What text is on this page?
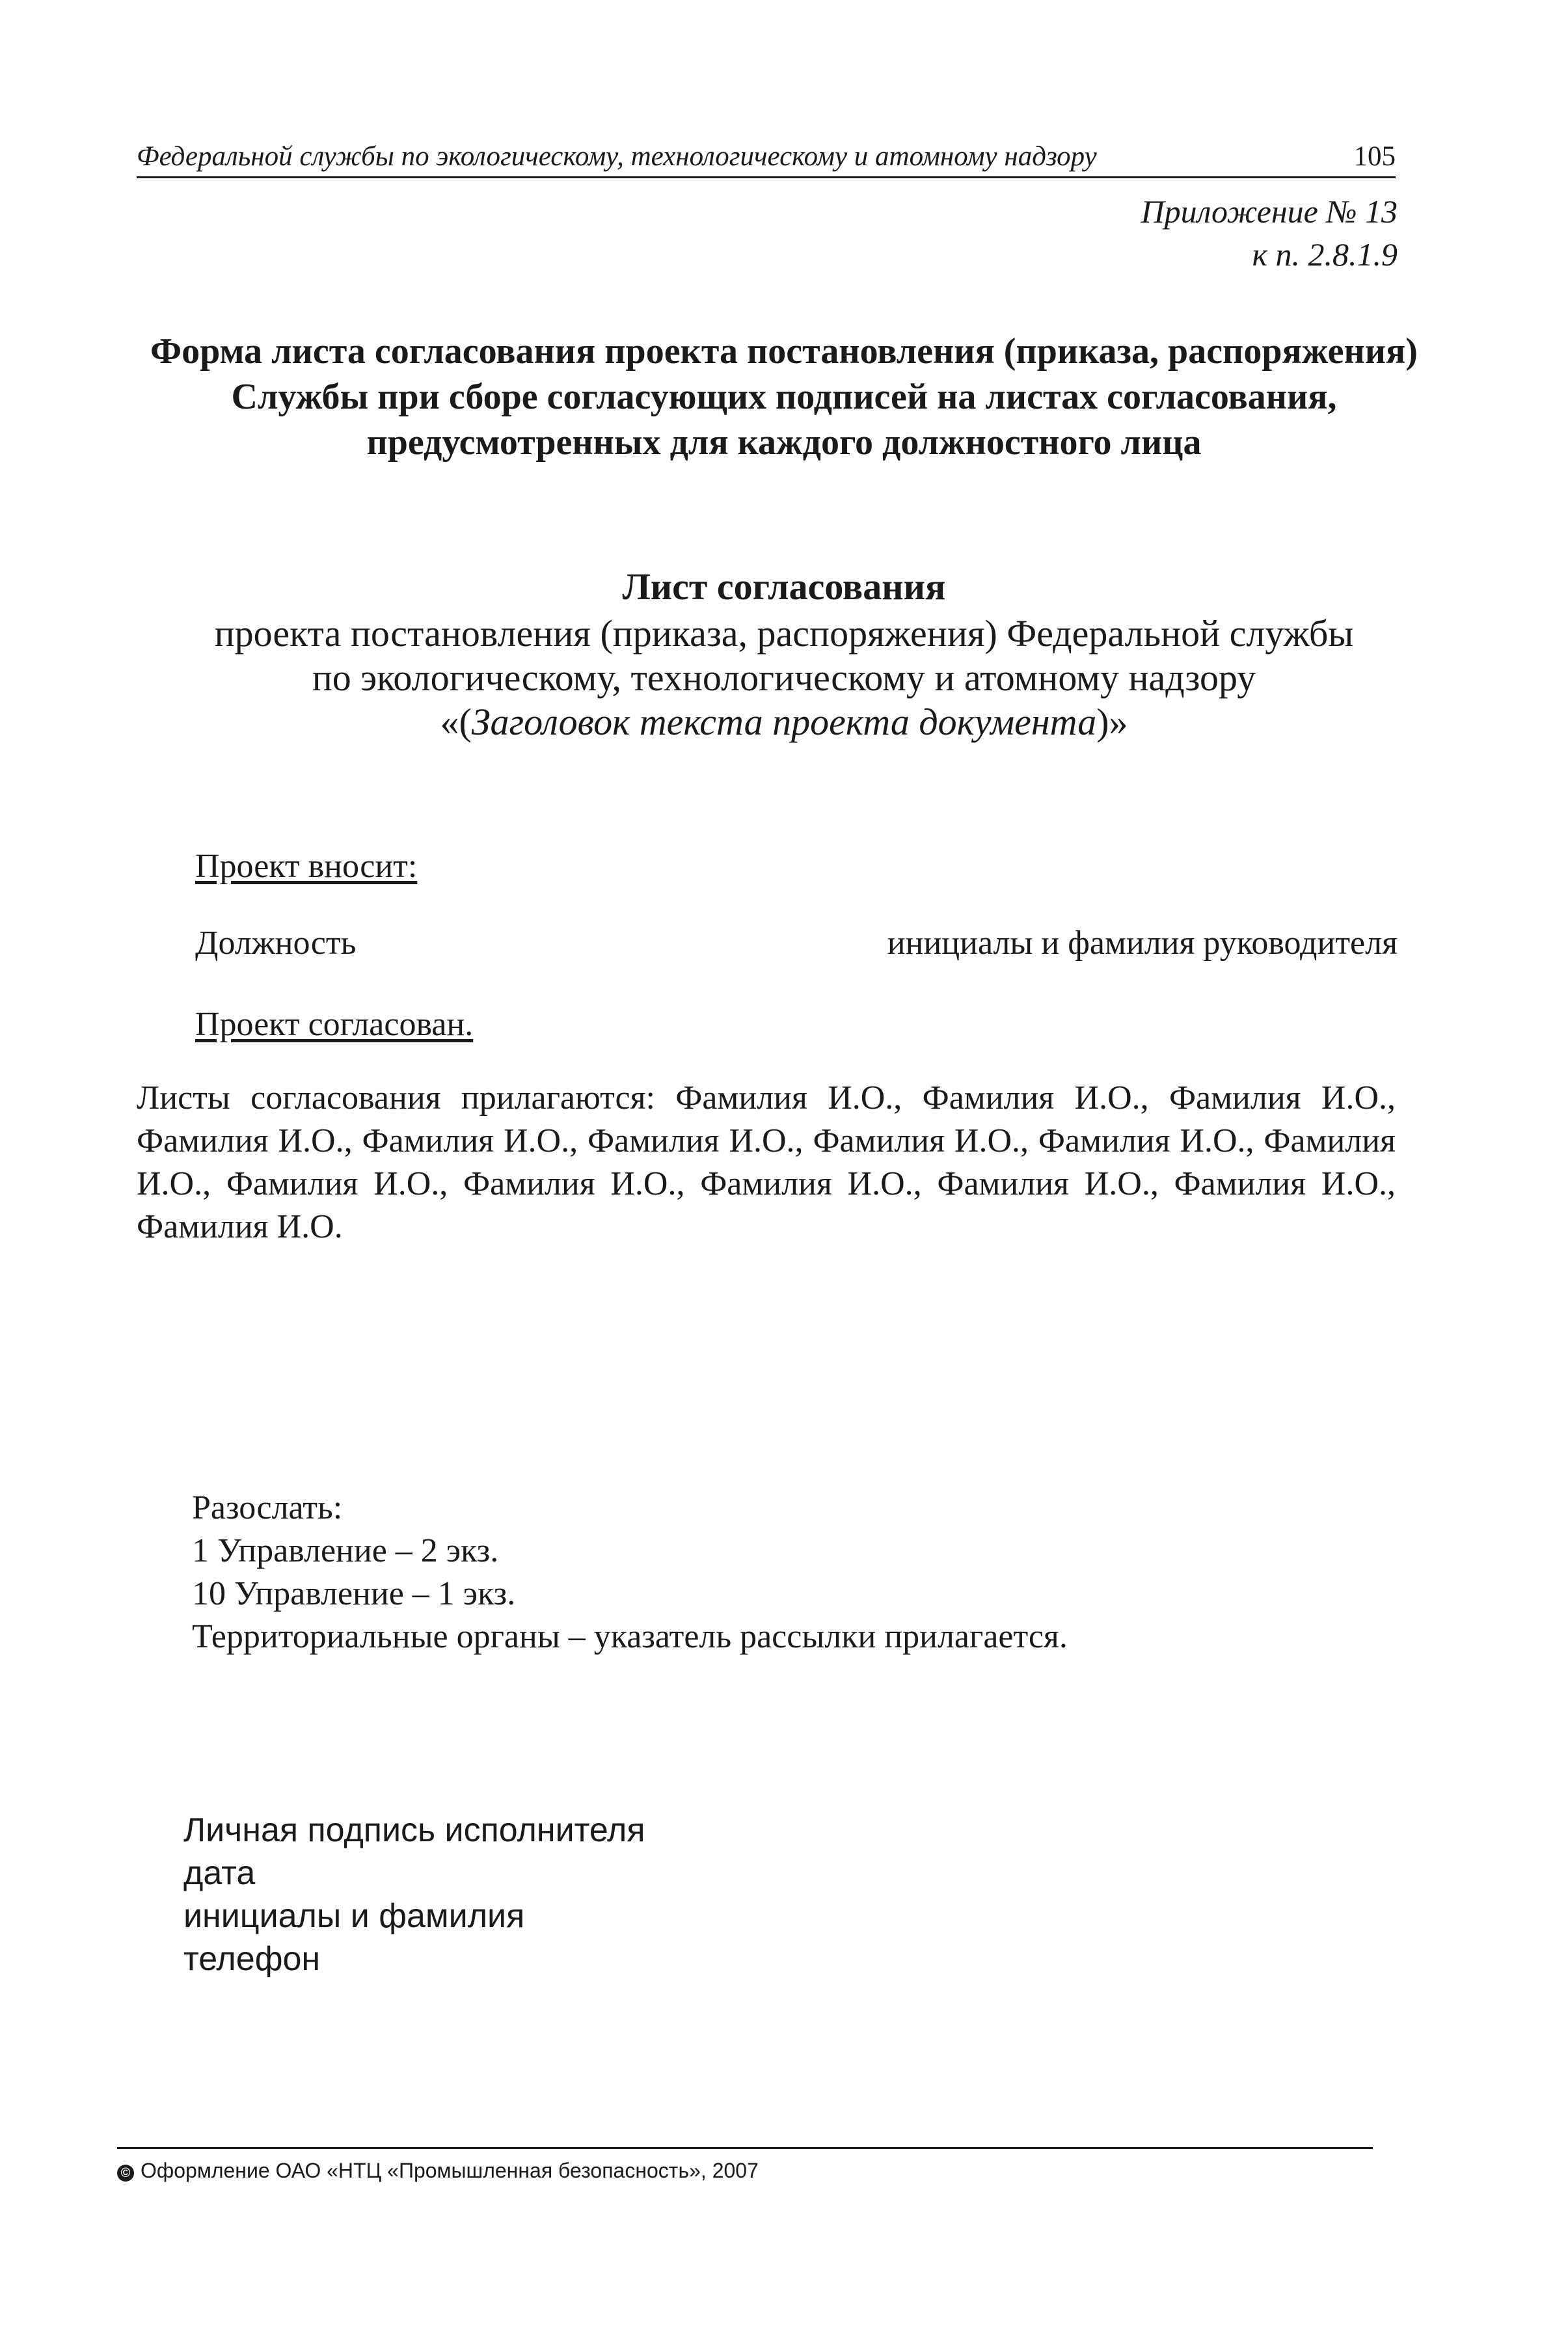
Федеральной службы по экологическому, технологическому и атомному надзору	105
Приложение № 13
к п. 2.8.1.9
Форма листа согласования проекта постановления (приказа, распоряжения)
Службы при сборе согласующих подписей на листах согласования,
предусмотренных для каждого должностного лица
Лист согласования
проекта постановления (приказа, распоряжения) Федеральной службы
по экологическому, технологическому и атомному надзору
«(Заголовок текста проекта документа)»
Проект вносит:
Должность	инициалы и фамилия руководителя
Проект согласован.
Листы согласования прилагаются: Фамилия И.О., Фамилия И.О., Фамилия И.О., Фамилия И.О., Фамилия И.О., Фамилия И.О., Фамилия И.О., Фамилия И.О., Фамилия И.О., Фамилия И.О., Фамилия И.О., Фамилия И.О., Фамилия И.О., Фамилия И.О., Фамилия И.О.
Разослать:
1 Управление – 2 экз.
10 Управление – 1 экз.
Территориальные органы – указатель рассылки прилагается.
Личная подпись исполнителя
дата
инициалы и фамилия
телефон
© Оформление ОАО «НТЦ «Промышленная безопасность», 2007
